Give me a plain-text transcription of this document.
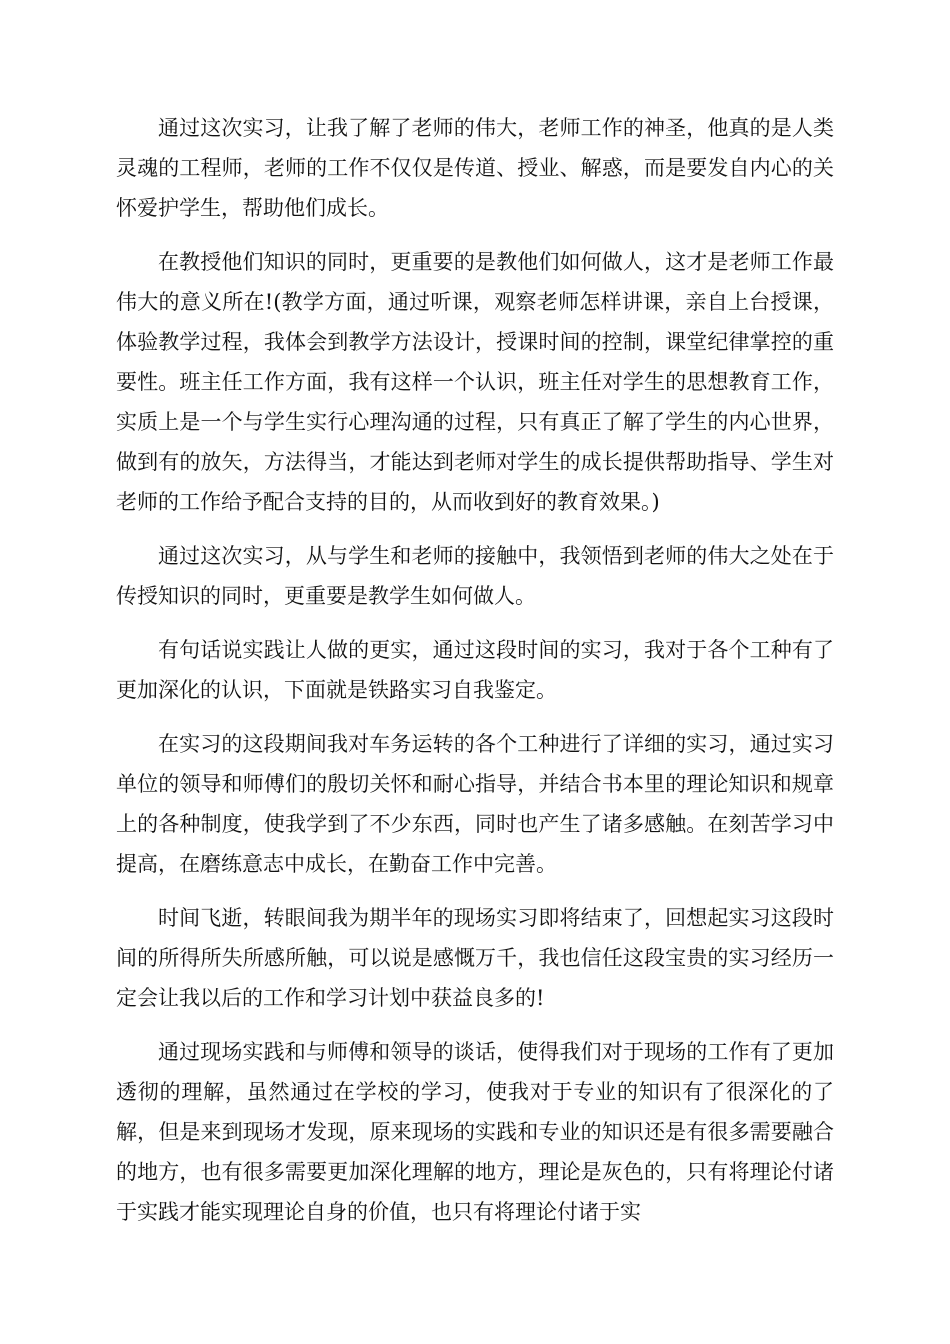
通过这次实习，让我了解了老师的伟大，老师工作的神圣，他真的是人类灵魂的工程师，老师的工作不仅仅是传道、授业、解惑，而是要发自内心的关怀爱护学生，帮助他们成长。

在教授他们知识的同时，更重要的是教他们如何做人，这才是老师工作最伟大的意义所在!(教学方面，通过听课，观察老师怎样讲课，亲自上台授课，体验教学过程，我体会到教学方法设计，授课时间的控制，课堂纪律掌控的重要性。班主任工作方面，我有这样一个认识，班主任对学生的思想教育工作，实质上是一个与学生实行心理沟通的过程，只有真正了解了学生的内心世界，做到有的放矢，方法得当，才能达到老师对学生的成长提供帮助指导、学生对老师的工作给予配合支持的目的，从而收到好的教育效果。)

通过这次实习，从与学生和老师的接触中，我领悟到老师的伟大之处在于传授知识的同时，更重要是教学生如何做人。

有句话说实践让人做的更实，通过这段时间的实习，我对于各个工种有了更加深化的认识，下面就是铁路实习自我鉴定。

在实习的这段期间我对车务运转的各个工种进行了详细的实习，通过实习单位的领导和师傅们的殷切关怀和耐心指导，并结合书本里的理论知识和规章上的各种制度，使我学到了不少东西，同时也产生了诸多感触。在刻苦学习中提高，在磨练意志中成长，在勤奋工作中完善。

时间飞逝，转眼间我为期半年的现场实习即将结束了，回想起实习这段时间的所得所失所感所触，可以说是感慨万千，我也信任这段宝贵的实习经历一定会让我以后的工作和学习计划中获益良多的!

通过现场实践和与师傅和领导的谈话，使得我们对于现场的工作有了更加透彻的理解，虽然通过在学校的学习，使我对于专业的知识有了很深化的了解，但是来到现场才发现，原来现场的实践和专业的知识还是有很多需要融合的地方，也有很多需要更加深化理解的地方，理论是灰色的，只有将理论付诸于实践才能实现理论自身的价值，也只有将理论付诸于实
